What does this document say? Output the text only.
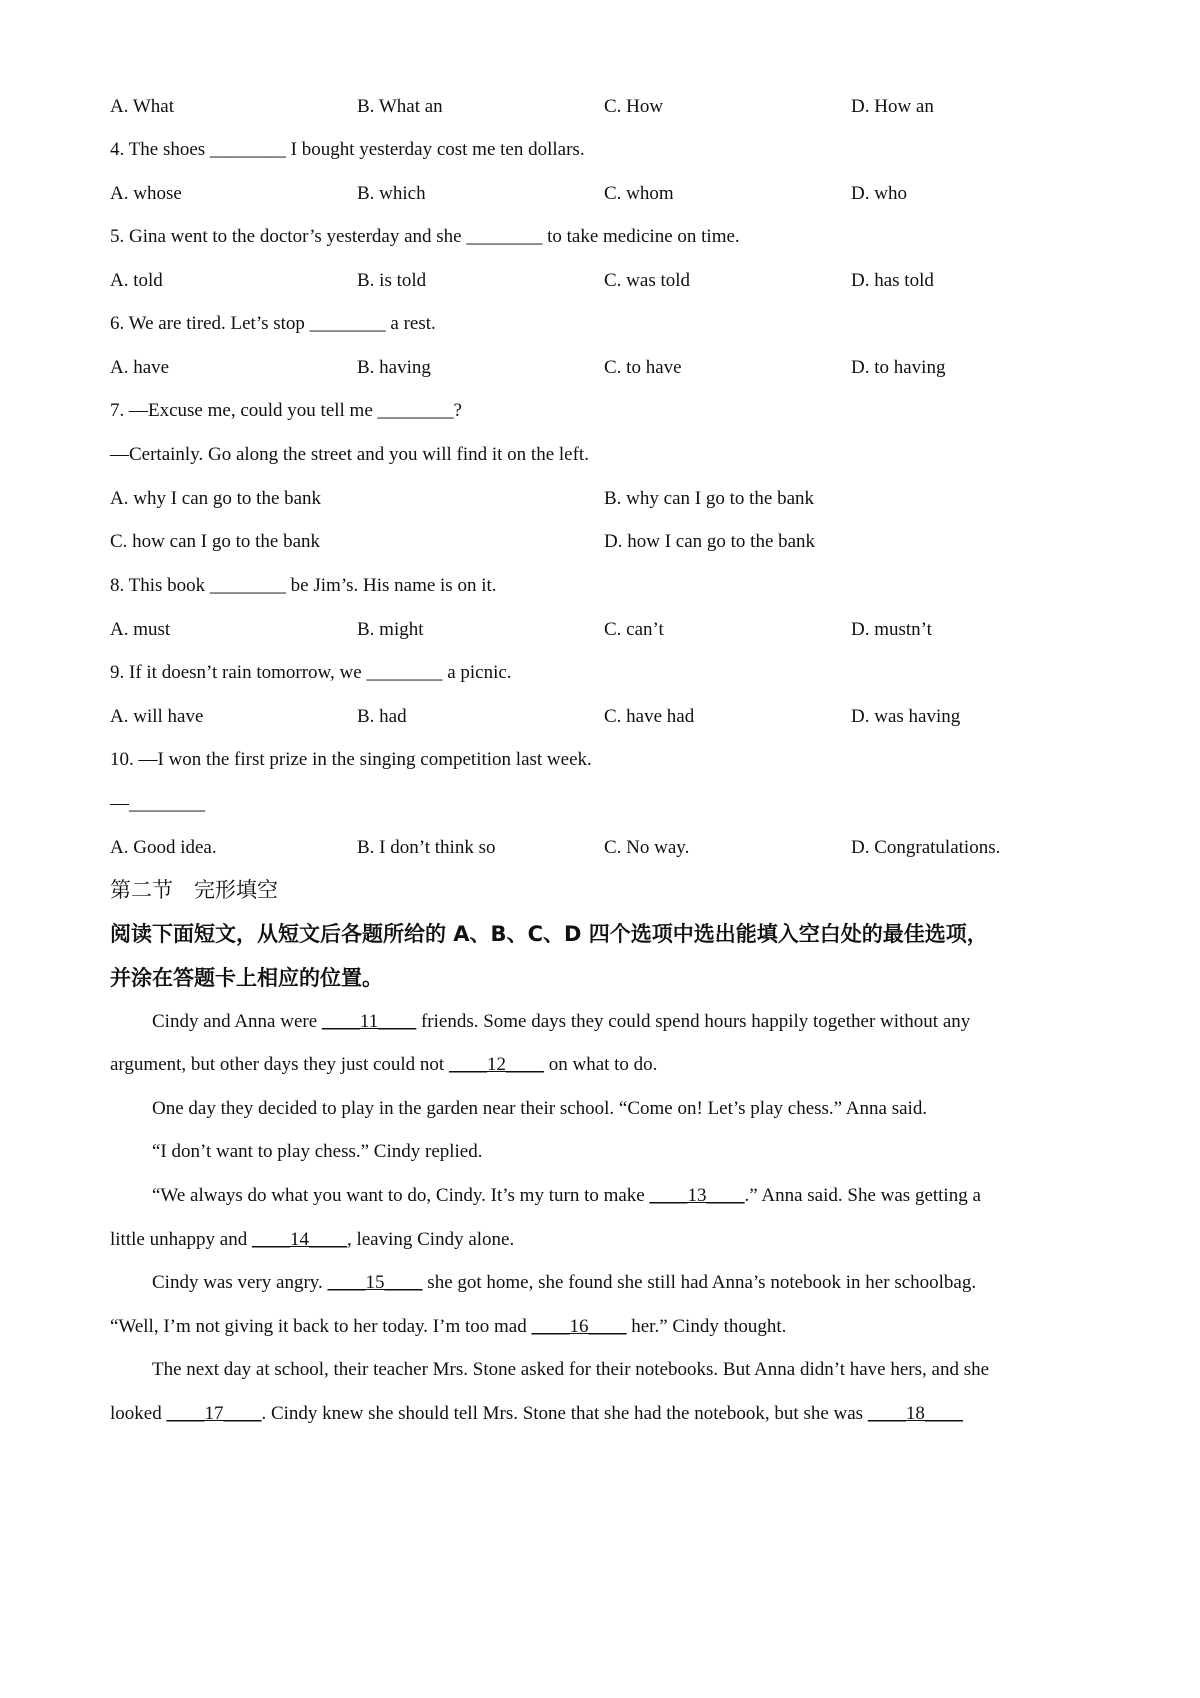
A. What	B. What an	C. How	D. How an
4. The shoes ________ I bought yesterday cost me ten dollars.
A. whose	B. which	C. whom	D. who
5. Gina went to the doctor’s yesterday and she ________ to take medicine on time.
A. told	B. is told	C. was told	D. has told
6. We are tired. Let’s stop ________ a rest.
A. have	B. having	C. to have	D. to having
7. —Excuse me, could you tell me ________?
—Certainly. Go along the street and you will find it on the left.
A. why I can go to the bank	B. why can I go to the bank
C. how can I go to the bank	D. how I can go to the bank
8. This book ________ be Jim’s. His name is on it.
A. must	B. might	C. can’t	D. mustn’t
9. If it doesn’t rain tomorrow, we ________ a picnic.
A. will have	B. had	C. have had	D. was having
10. —I won the first prize in the singing competition last week.
—________
A. Good idea.	B. I don’t think so	C. No way.	D. Congratulations.
第二节　完形填空
阅读下面短文，从短文后各题所给的 A、B、C、D 四个选项中选出能填入空白处的最佳选项，
并涂在答题卡上相应的位置。
Cindy and Anna were ____11____ friends. Some days they could spend hours happily together without any
argument, but other days they just could not ____12____ on what to do.
One day they decided to play in the garden near their school. “Come on! Let’s play chess.” Anna said.
“I don’t want to play chess.” Cindy replied.
“We always do what you want to do, Cindy. It’s my turn to make ____13____.” Anna said. She was getting a
little unhappy and ____14____, leaving Cindy alone.
Cindy was very angry. ____15____ she got home, she found she still had Anna’s notebook in her schoolbag.
“Well, I’m not giving it back to her today. I’m too mad ____16____ her.” Cindy thought.
The next day at school, their teacher Mrs. Stone asked for their notebooks. But Anna didn’t have hers, and she
looked ____17____. Cindy knew she should tell Mrs. Stone that she had the notebook, but she was ____18____
